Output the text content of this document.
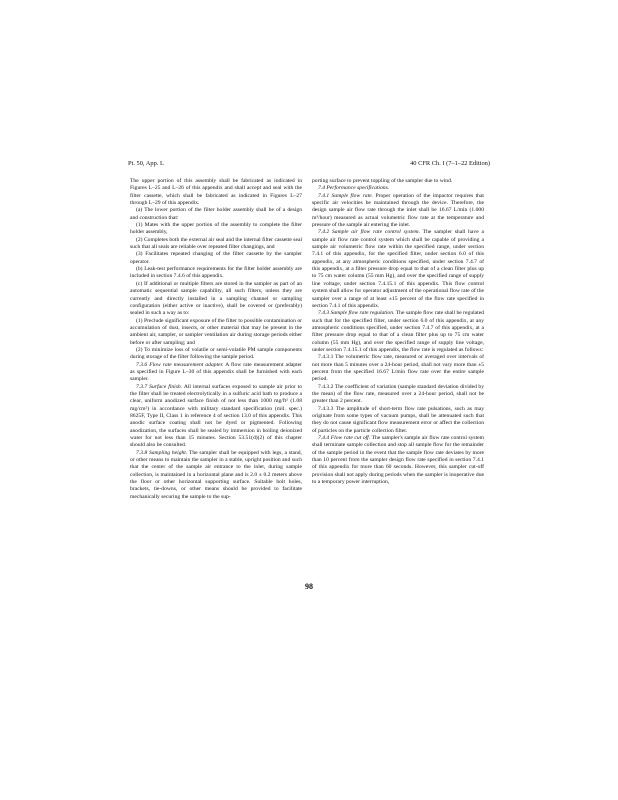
Pt. 50, App. L	40 CFR Ch. I (7–1–22 Edition)

The upper portion of this assembly shall be fabricated as indicated in Figures L–25 and L–26 of this appendix and shall accept and seal with the filter cassette, which shall be fabricated as indicated in Figures L–27 through L–29 of this appendix.

(a) The lower portion of the filter holder assembly shall be of a design and construction that:

(1) Mates with the upper portion of the assembly to complete the filter holder assembly,

(2) Completes both the external air seal and the internal filter cassette seal such that all seals are reliable over repeated filter changings, and

(3) Facilitates repeated changing of the filter cassette by the sampler operator.

(b) Leak-test performance requirements for the filter holder assembly are included in section 7.4.6 of this appendix.

(c) If additional or multiple filters are stored in the sampler as part of an automatic sequential sample capability, all such filters, unless they are currently and directly installed in a sampling channel or sampling configuration (either active or inactive), shall be covered or (preferably) sealed in such a way as to:

(1) Preclude significant exposure of the filter to possible contamination or accumulation of dust, insects, or other material that may be present in the ambient air, sampler, or sampler ventilation air during storage periods either before or after sampling; and

(2) To minimize loss of volatile or semi-volatile PM sample components during storage of the filter following the sample period.

7.3.6 Flow rate measurement adapter. A flow rate measurement adapter as specified in Figure L–30 of this appendix shall be furnished with each sampler.

7.3.7 Surface finish. All internal surfaces exposed to sample air prior to the filter shall be treated electrolytically in a sulfuric acid bath to produce a clear, uniform anodized surface finish of not less than 1000 mg/ft² (1.08 mg/cm²) in accordance with military standard specification (mil. spec.) 8625F, Type II, Class 1 in reference 4 of section 13.0 of this appendix. This anodic surface coating shall not be dyed or pigmented. Following anodization, the surfaces shall be sealed by immersion in boiling deionized water for not less than 15 minutes. Section 53.51(d)(2) of this chapter should also be consulted.

7.3.8 Sampling height. The sampler shall be equipped with legs, a stand, or other means to maintain the sampler in a stable, upright position and such that the center of the sample air entrance to the inlet, during sample collection, is maintained in a horizontal plane and is 2.0 ± 0.2 meters above the floor or other horizontal supporting surface. Suitable bolt holes, brackets, tie-downs, or other means should be provided to facilitate mechanically securing the sample to the sup-

porting surface to prevent toppling of the sampler due to wind.

7.4 Performance specifications.

7.4.1 Sample flow rate. Proper operation of the impactor requires that specific air velocities be maintained through the device. Therefore, the design sample air flow rate through the inlet shall be 16.67 L/min (1.000 m³/hour) measured as actual volumetric flow rate at the temperature and pressure of the sample air entering the inlet.

7.4.2 Sample air flow rate control system. The sampler shall have a sample air flow rate control system which shall be capable of providing a sample air volumetric flow rate within the specified range, under section 7.4.1 of this appendix, for the specified filter, under section 6.0 of this appendix, at any atmospheric conditions specified, under section 7.4.7 of this appendix, at a filter pressure drop equal to that of a clean filter plus up to 75 cm water column (55 mm Hg), and over the specified range of supply line voltage, under section 7.4.15.1 of this appendix. This flow control system shall allow for operator adjustment of the operational flow rate of the sampler over a range of at least ±15 percent of the flow rate specified in section 7.4.1 of this appendix.

7.4.3 Sample flow rate regulation. The sample flow rate shall be regulated such that for the specified filter, under section 6.0 of this appendix, at any atmospheric conditions specified, under section 7.4.7 of this appendix, at a filter pressure drop equal to that of a clean filter plus up to 75 cm water column (55 mm Hg), and over the specified range of supply line voltage, under section 7.4.15.1 of this appendix, the flow rate is regulated as follows:

7.4.3.1 The volumetric flow rate, measured or averaged over intervals of not more than 5 minutes over a 24-hour period, shall not vary more than ±5 percent from the specified 16.67 L/min flow rate over the entire sample period.

7.4.3.2 The coefficient of variation (sample standard deviation divided by the mean) of the flow rate, measured over a 24-hour period, shall not be greater than 2 percent.

7.4.3.3 The amplitude of short-term flow rate pulsations, such as may originate from some types of vacuum pumps, shall be attenuated such that they do not cause significant flow measurement error or affect the collection of particles on the particle collection filter.

7.4.4 Flow rate cut off. The sampler's sample air flow rate control system shall terminate sample collection and stop all sample flow for the remainder of the sample period in the event that the sample flow rate deviates by more than 10 percent from the sampler design flow rate specified in section 7.4.1 of this appendix for more than 60 seconds. However, this sampler cut-off provision shall not apply during periods when the sampler is inoperative due to a temporary power interruption,

98
